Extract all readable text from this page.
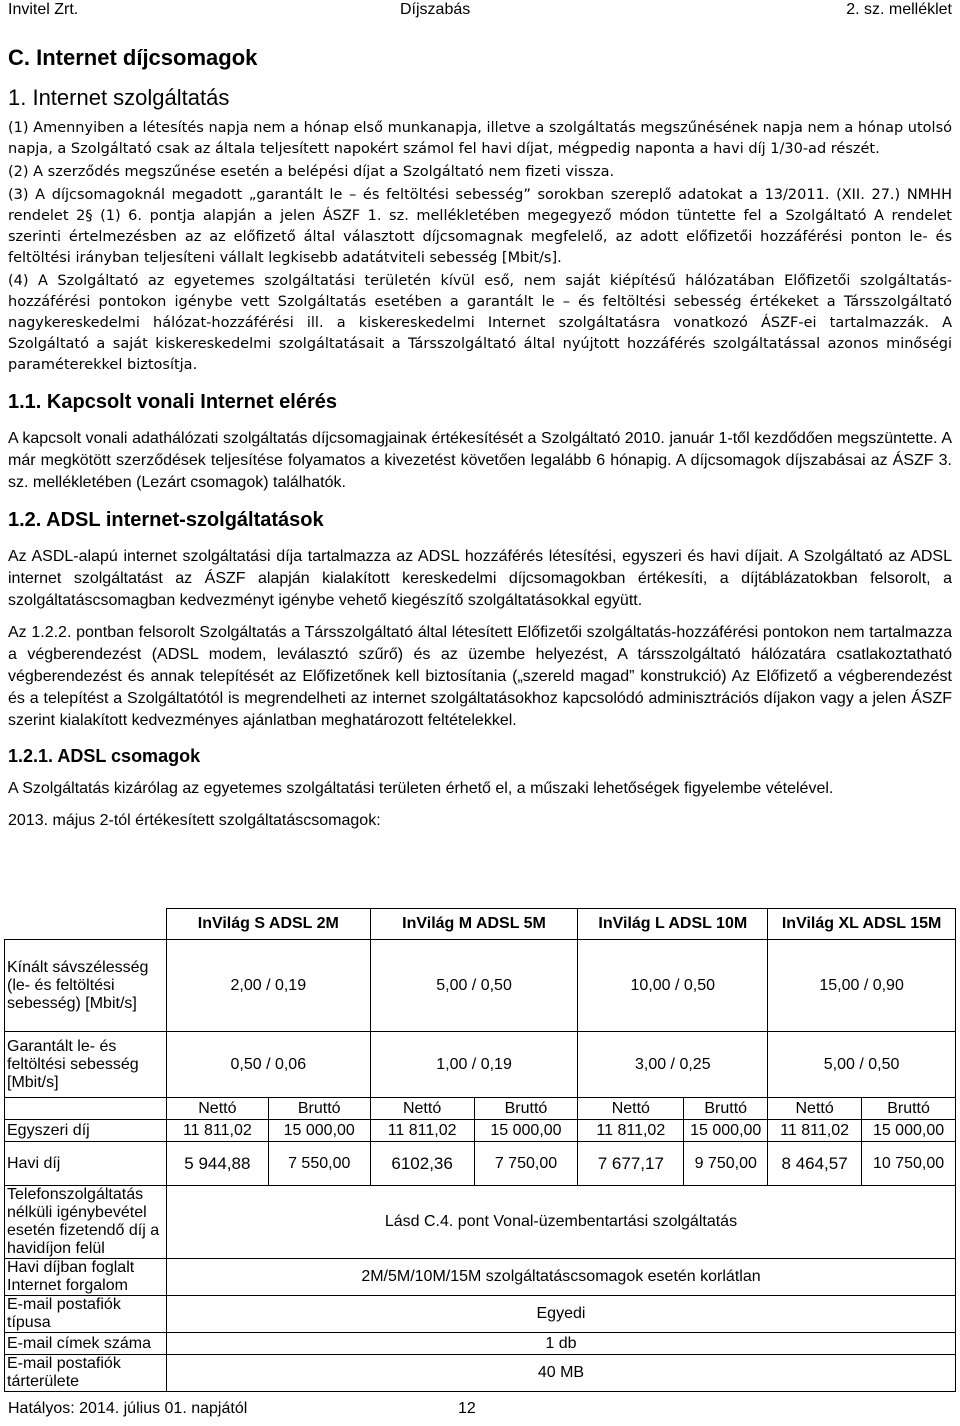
Invitel Zrt.	Díjszabás	2. sz. melléklet
C. Internet díjcsomagok
1. Internet szolgáltatás

(1) Amennyiben a létesítés napja nem a hónap első munkanapja, illetve a szolgáltatás megszűnésének napja nem a hónap utolsó napja, a Szolgáltató csak az általa teljesített napokért számol fel havi díjat, mégpedig naponta a havi díj 1/30-ad részét.

(2) A szerződés megszűnése esetén a belépési díjat a Szolgáltató nem fizeti vissza.

(3) A díjcsomagoknál megadott „garantált le – és feltöltési sebesség” sorokban szereplő adatokat a 13/2011. (XII. 27.) NMHH rendelet 2§ (1) 6. pontja alapján a jelen ÁSZF 1. sz. mellékletében megegyező módon tüntette fel a Szolgáltató A rendelet szerinti értelmezésben az az előfizető által választott díjcsomagnak megfelelő, az adott előfizetői hozzáférési ponton le- és feltöltési irányban teljesíteni vállalt legkisebb adatátviteli sebesség [Mbit/s].

(4) A Szolgáltató az egyetemes szolgáltatási területén kívül eső, nem saját kiépítésű hálózatában Előfizetői szolgáltatás-hozzáférési pontokon igénybe vett Szolgáltatás esetében a garantált le – és feltöltési sebesség értékeket a Társszolgáltató nagykereskedelmi hálózat-hozzáférési ill. a kiskereskedelmi Internet szolgáltatásra vonatkozó ÁSZF-ei tartalmazzák. A Szolgáltató a saját kiskereskedelmi szolgáltatásait a Társszolgáltató által nyújtott hozzáférés szolgáltatással azonos minőségi paraméterekkel biztosítja.

1.1. Kapcsolt vonali Internet elérés

A kapcsolt vonali adathálózati szolgáltatás díjcsomagjainak értékesítését a Szolgáltató 2010. január 1-től kezdődően megszüntette. A már megkötött szerződések teljesítése folyamatos a kivezetést követően legalább 6 hónapig. A díjcsomagok díjszabásai az ÁSZF 3. sz. mellékletében (Lezárt csomagok) találhatók.

1.2. ADSL internet-szolgáltatások

Az ASDL-alapú internet szolgáltatási díja tartalmazza az ADSL hozzáférés létesítési, egyszeri és havi díjait. A Szolgáltató az ADSL internet szolgáltatást az ÁSZF alapján kialakított kereskedelmi díjcsomagokban értékesíti, a díjtáblázatokban felsorolt, a szolgáltatáscsomagban kedvezményt igénybe vehető kiegészítő szolgáltatásokkal együtt.

Az 1.2.2. pontban felsorolt Szolgáltatás a Társszolgáltató által létesített Előfizetői szolgáltatás-hozzáférési pontokon nem tartalmazza a végberendezést (ADSL modem, leválasztó szűrő) és az üzembe helyezést, A társszolgáltató hálózatára csatlakoztatható végberendezést és annak telepítését az Előfizetőnek kell biztosítania („szereld magad” konstrukció) Az Előfizető a végberendezést és a telepítést a Szolgáltatótól is megrendelheti az internet szolgáltatásokhoz kapcsolódó adminisztrációs díjakon vagy a jelen ÁSZF szerint kialakított kedvezményes ajánlatban meghatározott feltételekkel.

1.2.1. ADSL csomagok

A Szolgáltatás kizárólag az egyetemes szolgáltatási területen érhető el, a műszaki lehetőségek figyelembe vételével.

2013. május 2-tól értékesített szolgáltatáscsomagok:

	InVilág S ADSL 2M		InVilág M ADSL 5M		InVilág L ADSL 10M		InVilág XL ADSL 15M	
Kínált sávszélesség (le- és feltöltési sebesség) [Mbit/s]	2,00 / 0,19		5,00 / 0,50		10,00 / 0,50		15,00 / 0,90	
Garantált le- és feltöltési sebesség [Mbit/s]	0,50 / 0,06		1,00 / 0,19		3,00 / 0,25		5,00 / 0,50	
	Nettó	Bruttó	Nettó	Bruttó	Nettó	Bruttó	Nettó	Bruttó
Egyszeri díj	11 811,02	15 000,00	11 811,02	15 000,00	11 811,02	15 000,00	11 811,02	15 000,00
Havi díj	5 944,88	7 550,00	6102,36	7 750,00	7 677,17	9 750,00	8 464,57	10 750,00
Telefonszolgáltatás nélküli igénybevétel esetén fizetendő díj a havidíjon felül	Lásd C.4. pont Vonal-üzembentartási szolgáltatás							
Havi díjban foglalt Internet forgalom	2M/5M/10M/15M szolgáltatáscsomagok esetén korlátlan							
E-mail postafiók típusa	Egyedi							
E-mail címek száma	1 db							
E-mail postafiók tárterülete	40 MB							
Hatályos: 2014. július 01. napjától	12
